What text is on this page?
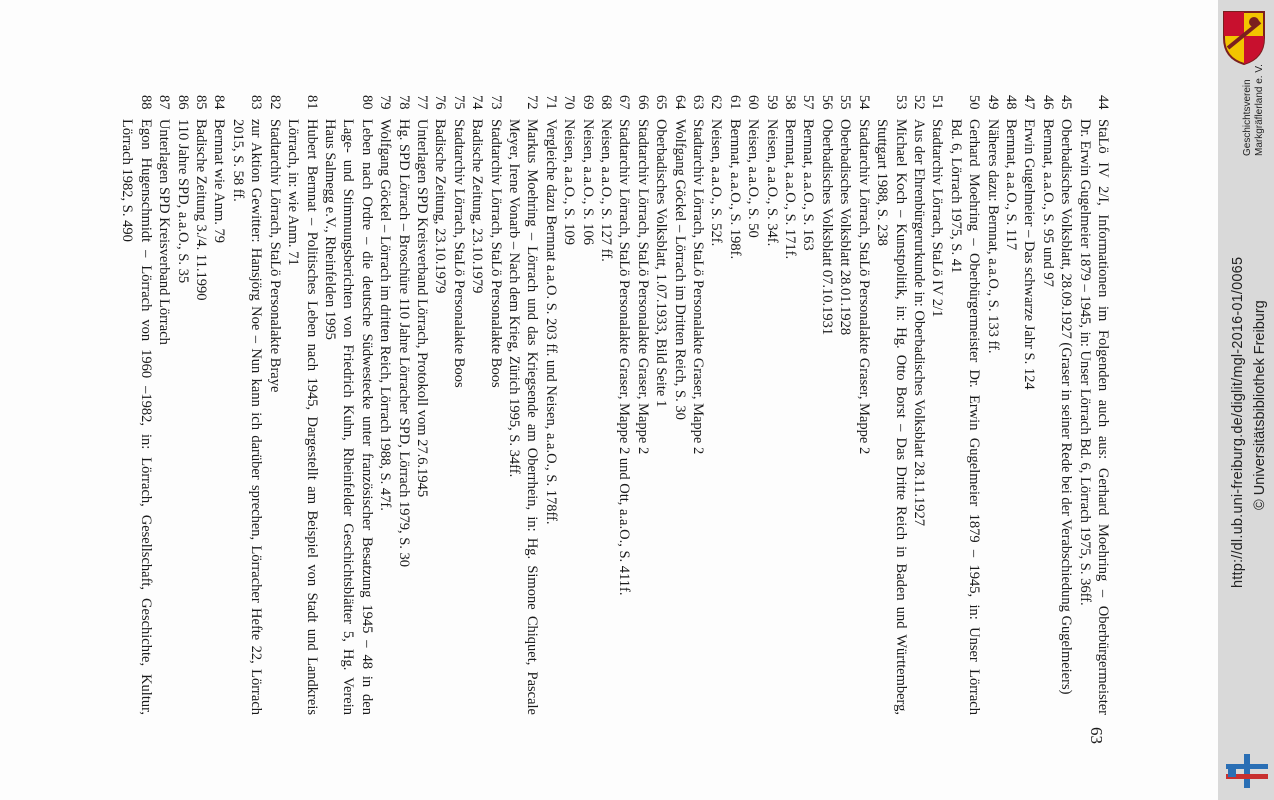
44
StaLö IV 2/I, Informationen im Folgenden auch aus: Gerhard Moehring – Oberbürgermeister
Dr. Erwin Gugelmeier 1879 – 1945, in: Unser Lörrach Bd. 6, Lörrach 1975, S. 36ff.
45
Oberbadisches Volksblatt, 28.09.1927 (Graser in seiner Rede bei der Verabschiedung Gugelmeiers)
46
Bernnat, a.a.O., S. 95 und 97
47
Erwin Gugelmeier – Das schwarze Jahr S. 124
48
Bernnat, a.a.O., S. 117
49
Näheres dazu: Bernnat, a.a.O., S. 133 ff.
50
Gerhard Moehring – Oberbürgermeister Dr. Erwin Gugelmeier 1879 – 1945, in: Unser Lörrach
Bd. 6, Lörrach 1975, S. 41
51
Stadtarchiv Lörrach, StaLö IV 2/1
52
Aus der Ehrenbürgerurkunde in: Oberbadisches Volksblatt 28.11.1927
53
Michael Koch – Kunstpolitik, in: Hg. Otto Borst – Das Dritte Reich in Baden und Württemberg,
Stuttgart 1988, S. 238
54
Stadtarchiv Lörrach, StaLö Personalakte Graser, Mappe 2
55
Oberbadisches Volksblatt 28.01.1928
56
Oberbadisches Volksblatt 07.10.1931
57
Bernnat, a.a.O., S. 163
58
Bernnat, a.a.O., S. 171f.
59
Neisen, a.a.O., S. 34f.
60
Neisen, a.a.O., S. 50
61
Bernnat, a.a.O., S. 198f.
62
Neisen, a.a.O., S. 52f.
63
Stadtarchiv Lörrach, StaLö Personalakte Graser, Mappe 2
64
Wolfgang Göckel – Lörrach im Dritten Reich, S. 30
65
Oberbadisches Volksblatt, 1.07.1933, Bild Seite 1
66
Stadtarchiv Lörrach, StaLö Personalakte Graser, Mappe 2
67
Stadtarchiv Lörrach, StaLö Personalakte Graser, Mappe 2 und Ott, a.a.O., S. 411f.
68
Neisen, a.a.O., S. 127 ff.
69
Neisen, a.a.O., S. 106
70
Neisen, a.a.O., S. 109
71
Vergleiche dazu Bernnat a.a.O. S. 203 ff. und Neisen, a.a.O., S. 178ff.
72
Markus Moehring – Lörrach und das Kriegsende am Oberrhein, in: Hg. Simone Chiquet, Pascale
Meyer, Irene Vonarb – Nach dem Krieg, Zürich 1995, S. 34ff.
73
Stadtarchiv Lörrach, StaLö Personalakte Boos
74
Badische Zeitung, 23.10.1979
75
Stadtarchiv Lörrach, StaLö Personalakte Boos
76
Badische Zeitung, 23.10.1979
77
Unterlagen SPD Kreisverband Lörrach, Protokoll vom 27.6.1945
78
Hg. SPD Lörrach – Broschüre 110 Jahre Lörracher SPD, Lörrach 1979, S. 30
79
Wolfgang Göckel – Lörrach im dritten Reich, Lörrach 1988, S. 47f.
80
Leben nach Ordre – die deutsche Südwestecke unter französischer Besatzung 1945 – 48 in den
Lage- und Stimmungsberichten von Friedrich Kuhn, Rheinfelder Geschichtsblätter 5, Hg. Verein
Haus Salmegg e.V., Rheinfelden 1995
81
Hubert Bernnat – Politisches Leben nach 1945, Dargestellt am Beispiel von Stadt und Landkreis
Lörrach, in: wie Anm. 71
82
Stadtarchiv Lörrach, StaLö Personalakte Braye
83
zur Aktion Gewitter: Hansjörg Noe – Nun kann ich darüber sprechen, Lörracher Hefte 22, Lörrach
2015, S. 58 ff.
84
Bernnat wie Anm. 79
85
Badische Zeitung 3./4. 11.1990
86
110 Jahre SPD, a.a.O., S. 35
87
Unterlagen SPD Kreisverband Lörrach
88
Egon Hugenschmidt – Lörrach von 1960 –1982, in: Lörrach, Gesellschaft, Geschichte, Kultur,
Lörrach 1982, S. 490
63
Geschichtsverein Markgräflerland e. V.
http://dl.ub.uni-freiburg.de/diglit/mgl-2016-01/0065 © Universitätsbibliothek Freiburg
